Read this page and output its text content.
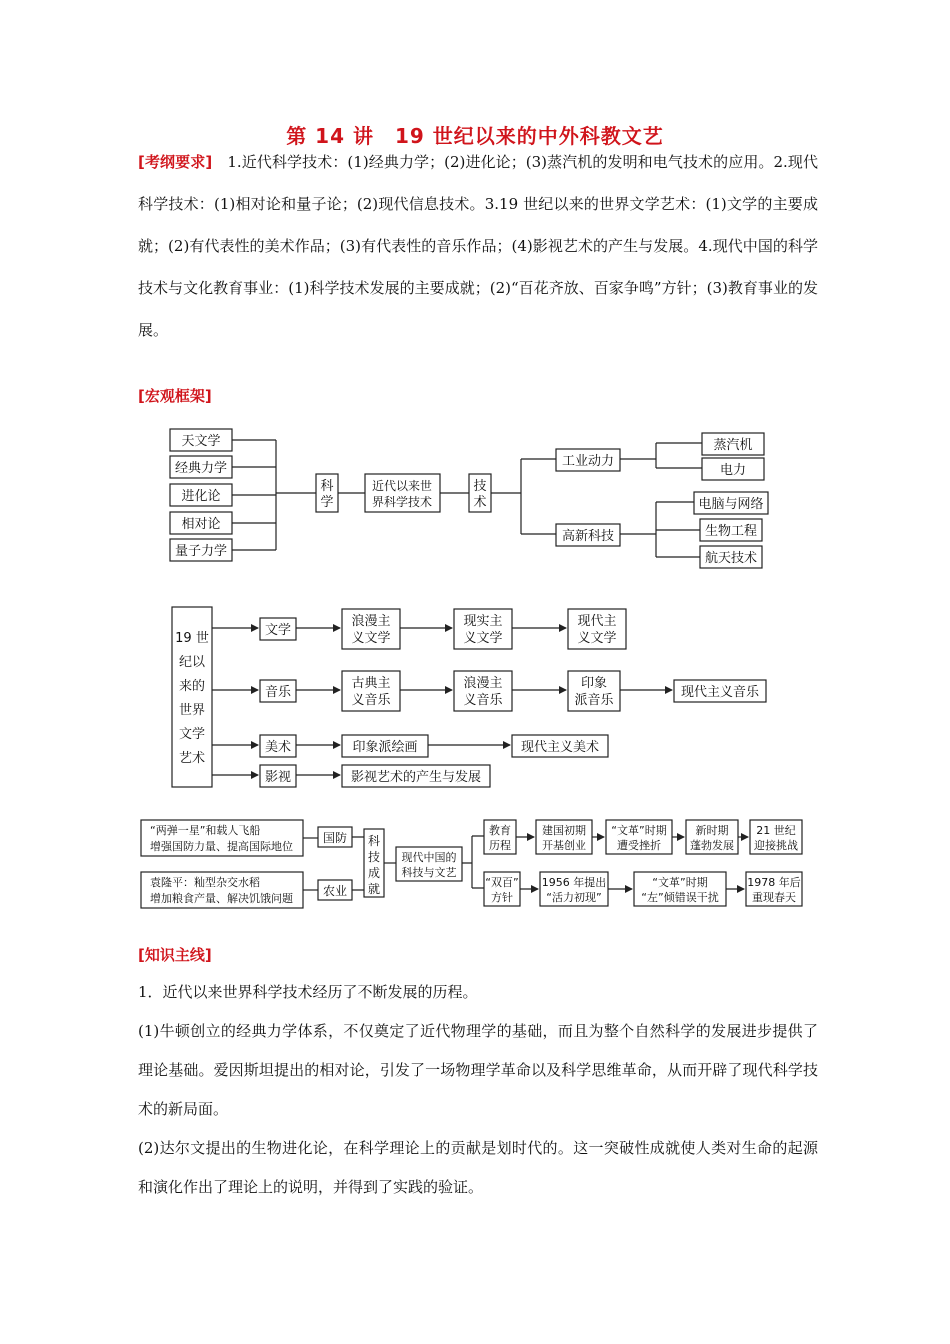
第 14 讲　19 世纪以来的中外科教文艺

[考纲要求]　1.近代科学技术：(1)经典力学；(2)进化论；(3)蒸汽机的发明和电气技术的应用。2.现代科学技术：(1)相对论和量子论；(2)现代信息技术。3.19 世纪以来的世界文学艺术：(1)文学的主要成就；(2)有代表性的美术作品；(3)有代表性的音乐作品；(4)影视艺术的产生与发展。4.现代中国的科学技术与文化教育事业：(1)科学技术发展的主要成就；(2)“百花齐放、百家争鸣”方针；(3)教育事业的发展。

[宏观框架]

天文学
经典力学
进化论
相对论
量子力学
科
学
近代以来世
界科学技术
技
术
工业动力
高新科技
蒸汽机
电力
电脑与网络
生物工程
航天技术
19 世
纪以
来的
世界
文学
艺术
文学
浪漫主
义文学
现实主
义文学
现代主
义文学
音乐
古典主
义音乐
浪漫主
义音乐
印象
派音乐
现代主义音乐
美术	印象派绘画	现代主义美术
影视	影视艺术的产生与发展
“两弹一星”和载人飞船
增强国防力量、提高国际地位
国防
袁隆平：籼型杂交水稻
增加粮食产量、解决饥饿问题
农业
科
技
成
就
现代中国的
科技与文艺
教育
历程
建国初期
开基创业
“文革”时期
遭受挫折
新时期
蓬勃发展
21 世纪
迎接挑战
“双百”
方针
1956 年提出
“活力初现”
“文革”时期
“左”倾错误干扰
1978 年后
重现春天

[知识主线]

1．近代以来世界科学技术经历了不断发展的历程。

(1)牛顿创立的经典力学体系，不仅奠定了近代物理学的基础，而且为整个自然科学的发展进步提供了理论基础。爱因斯坦提出的相对论，引发了一场物理学革命以及科学思维革命，从而开辟了现代科学技术的新局面。

(2)达尔文提出的生物进化论，在科学理论上的贡献是划时代的。这一突破性成就使人类对生命的起源和演化作出了理论上的说明，并得到了实践的验证。
